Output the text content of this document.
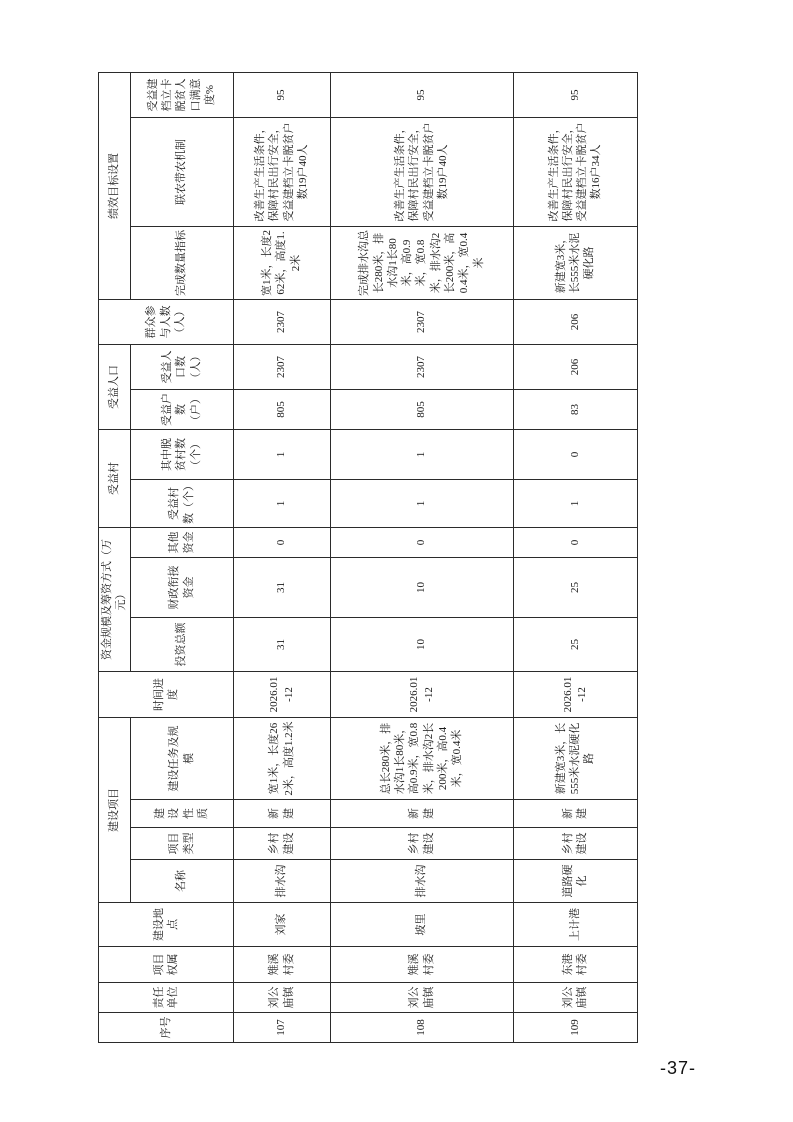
序号	责任单位	项目权属	建设地点	建设项目				时间进度	资金规模及筹资方式（万元）			受益村		受益人口		群众参与人数（人）	绩效目标设置		
				名称	项目类型	建设性质	建设任务及规模		投资总额	财政衔接资金	其他资金	受益村数（个）	其中脱贫村数（个）	受益户数（户）	受益人口数（人）		完成数量指标	联农带农机制	受益建档立卡脱贫人口满意度%
107	刘公庙镇	雉溪村委	刘家	排水沟	乡村建设	新建	宽1米，长度262米，高度1.2米	2026.01-12	31	31	0	1	1	805	2307	2307	宽1米，长度262米，高度1.2米	改善生产生活条件，保障村民出行安全，受益建档立卡脱贫户数19户40人	95
108	刘公庙镇	雉溪村委	坡里	排水沟	乡村建设	新建	总长280米，排水沟1长80米，高0.9米，宽0.8米，排水沟2长200米，高0.4米，宽0.4米	2026.01-12	10	10	0	1	1	805	2307	2307	完成排水沟总长280米，排水沟1长80米，高0.9米，宽0.8米，排水沟2长200米，高0.4米，宽0.4米	改善生产生活条件，保障村民出行安全，受益建档立卡脱贫户数19户40人	95
109	刘公庙镇	东港村委	上计港	道路硬化	乡村建设	新建	新建宽3米，长555米水泥硬化路	2026.01-12	25	25	0	1	0	83	206	206	新建宽3米，长555米水泥硬化路	改善生产生活条件，保障村民出行安全，受益建档立卡脱贫户数16户34人	95
-37-
